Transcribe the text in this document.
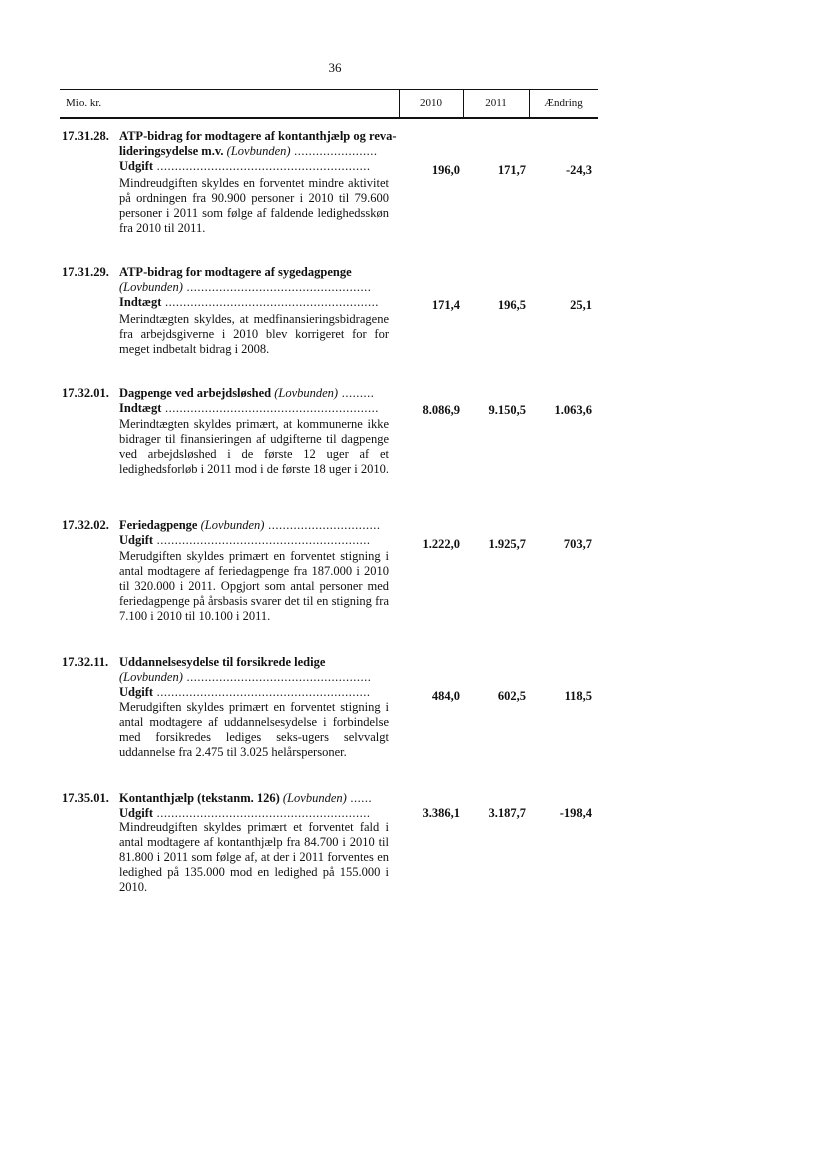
36
Mio. kr.	2010	2011	Ændring
17.31.28. ATP-bidrag for modtagere af kontanthjælp og reva-
lideringsydelse m.v. (Lovbunden) .......................
Udgift ...........................................................
Mindreudgiften skyldes en forventet mindre aktivitet på ordningen fra 90.900 personer i 2010 til 79.600 personer i 2011 som følge af faldende ledighedsskøn fra 2010 til 2011.
196,0	171,7	-24,3
17.31.29. ATP-bidrag for modtagere af sygedagpenge
(Lovbunden) ...................................................
Indtægt ...........................................................
Merindtægten skyldes, at medfinansieringsbidragene fra arbejdsgiverne i 2010 blev korrigeret for for meget indbetalt bidrag i 2008.
171,4	196,5	25,1
17.32.01. Dagpenge ved arbejdsløshed (Lovbunden) .........
Indtægt ...........................................................
Merindtægten skyldes primært, at kommunerne ikke bidrager til finansieringen af udgifterne til dagpenge ved arbejdsløshed i de første 12 uger af et ledighedsforløb i 2011 mod i de første 18 uger i 2010.
8.086,9	9.150,5	1.063,6
17.32.02. Feriedagpenge (Lovbunden) ...............................
Udgift ...........................................................
Merudgiften skyldes primært en forventet stigning i antal modtagere af feriedagpenge fra 187.000 i 2010 til 320.000 i 2011. Opgjort som antal personer med feriedagpenge på årsbasis svarer det til en stigning fra 7.100 i 2010 til 10.100 i 2011.
1.222,0	1.925,7	703,7
17.32.11. Uddannelsesydelse til forsikrede ledige
(Lovbunden) ...................................................
Udgift ...........................................................
Merudgiften skyldes primært en forventet stigning i antal modtagere af uddannelsesydelse i forbindelse med forsikredes lediges seks-ugers selvvalgt uddannelse fra 2.475 til 3.025 helårspersoner.
484,0	602,5	118,5
17.35.01. Kontanthjælp (tekstanm. 126) (Lovbunden) ......
Udgift ...........................................................
Mindreudgiften skyldes primært et forventet fald i antal modtagere af kontanthjælp fra 84.700 i 2010 til 81.800 i 2011 som følge af, at der i 2011 forventes en ledighed på 135.000 mod en ledighed på 155.000 i 2010.
3.386,1	3.187,7	-198,4
